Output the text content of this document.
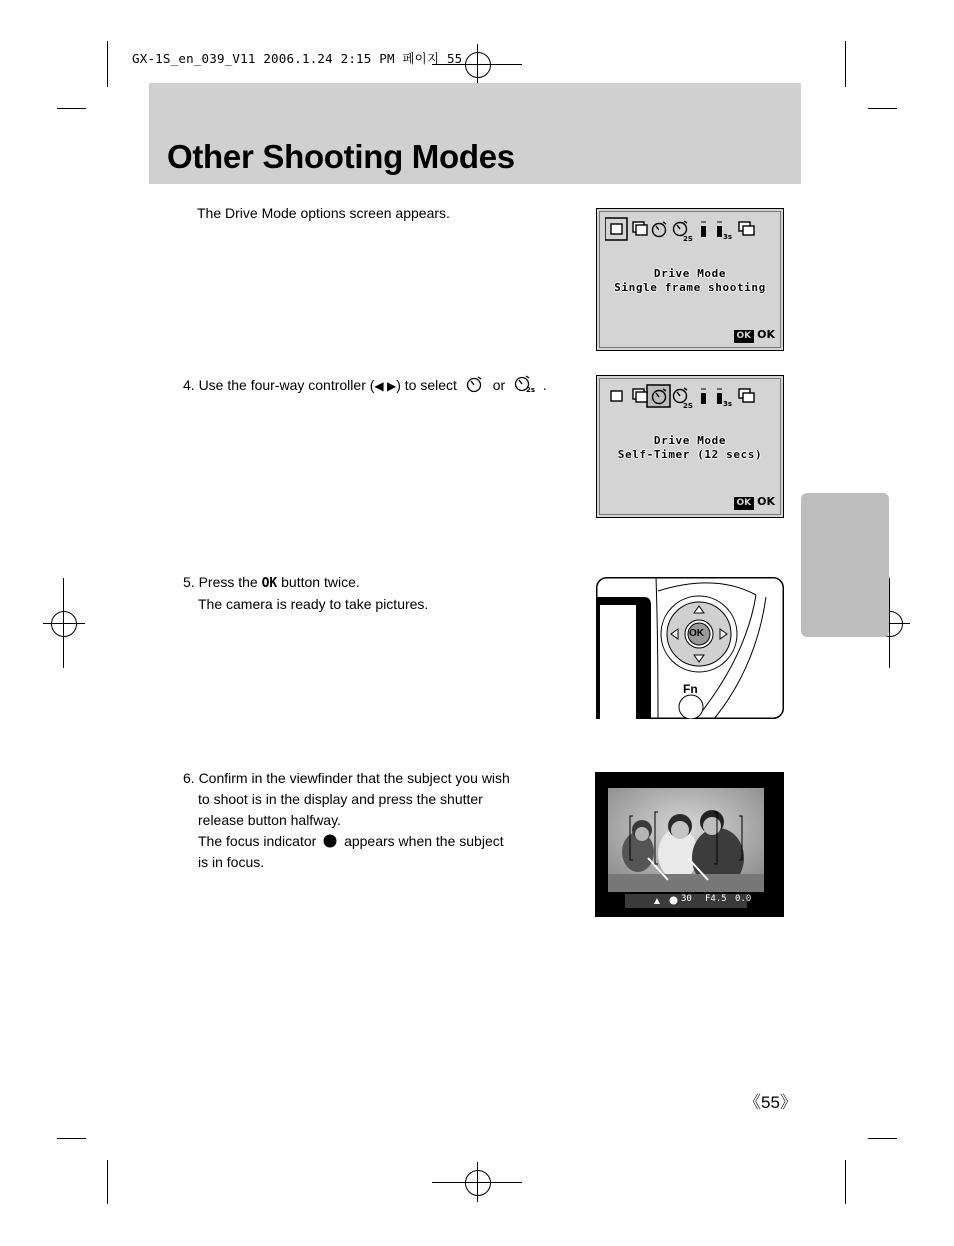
GX-1S_en_039_V11 2006.1.24 2:15 PM 페이지 55
Other Shooting Modes
The Drive Mode options screen appears.
4. Use the four-way controller (◀ ▶) to select	or	2s .
5. Press the OK button twice.
The camera is ready to take pictures.
6. Confirm in the viewfinder that the subject you wish
to shoot is in the display and press the shutter
release button halfway.
The focus indicator appears when the subject
is in focus.
2S	3s
Drive Mode
Single frame shooting
OK OK
2S	3s
Drive Mode
Self-Timer (12 secs)
OK OK
OK
Fn
30 F4.5 0.0
《55》
